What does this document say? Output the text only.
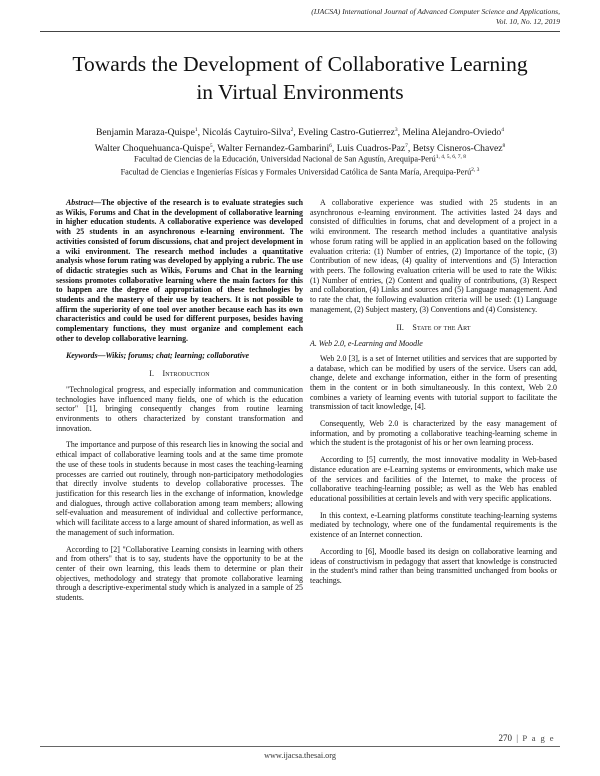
(IJACSA) International Journal of Advanced Computer Science and Applications,
Vol. 10, No. 12, 2019
Towards the Development of Collaborative Learning
in Virtual Environments
Benjamin Maraza-Quispe$^1$, Nicolás Caytuiro-Silva$^2$, Eveling Castro-Gutierrez$^3$, Melina Alejandro-Oviedo$^4$
Walter Choquehuanca-Quispe$^5$, Walter Fernandez-Gambarini$^6$, Luis Cuadros-Paz$^7$, Betsy Cisneros-Chavez$^8$
Facultad de Ciencias de la Educación, Universidad Nacional de San Agustín, Arequipa-Perú$^{1, 4, 5, 6, 7, 8}$
Facultad de Ciencias e Ingenierías Físicas y Formales Universidad Católica de Santa María, Arequipa-Perú$^{2, 3}$

Abstract—The objective of the research is to evaluate strategies such as Wikis, Forums and Chat in the development of collaborative learning in higher education students. A collaborative experience was developed with 25 students in an asynchronous e-learning environment. The activities consisted of forum discussions, chat and project development in a wiki environment. The research method includes a quantitative analysis whose forum rating was developed by applying a rubric. The use of didactic strategies such as Wikis, Forums and Chat in the learning sessions promotes collaborative learning where the main factors for this to happen are the degree of appropriation of these technologies by students and the mastery of their use by teachers. It is not possible to affirm the superiority of one tool over another because each has its own characteristics and could be used for different purposes, besides having complementary functions, they must organize and complement each other to develop collaborative learning.

Keywords—Wikis; forums; chat; learning; collaborative

I. Introduction

"Technological progress, and especially information and communication technologies have influenced many fields, one of which is the education sector" [1], bringing consequently changes from routine learning environments to others characterized by constant transformation and innovation.

The importance and purpose of this research lies in knowing the social and ethical impact of collaborative learning tools and at the same time promote the use of these tools in students because in most cases the teaching-learning processes are carried out routinely, through non-participatory methodologies that directly involve students to develop collaborative processes. The justification for this research lies in the exchange of information, knowledge and dialogues, through active collaboration among team members; allowing self-evaluation and measurement of individual and collective performance, which will facilitate access to a large amount of shared information, as well as the management of such information.

According to [2] "Collaborative Learning consists in learning with others and from others" that is to say, students have the opportunity to be at the center of their own learning, this leads them to determine or plan their objectives, methodology and strategy that promote collaborative learning through a descriptive-experimental study which is analyzed in a sample of 25 students.

A collaborative experience was studied with 25 students in an asynchronous e-learning environment. The activities lasted 24 days and consisted of difficulties in forums, chat and development of a project in a wiki environment. The research method includes a quantitative analysis whose forum rating will be applied in an application based on the following evaluation criteria: (1) Number of entries, (2) Importance of the topic, (3) Contribution of new ideas, (4) quality of interventions and (5) Interaction with peers. The following evaluation criteria will be used to rate the Wikis: (1) Number of entries, (2) Content and quality of contributions, (3) Respect and collaboration, (4) Links and sources and (5) Language management. And to rate the chat, the following evaluation criteria will be used: (1) Language management, (2) Subject mastery, (3) Conventions and (4) Consistency.

II. State of the Art
A. Web 2.0, e-Learning and Moodle

Web 2.0 [3], is a set of Internet utilities and services that are supported by a database, which can be modified by users of the service. Users can add, change, delete and exchange information, either in the form of presenting them in the content or in both simultaneously. In this context, Web 2.0 combines a variety of learning events with tutorial support to facilitate the transmission of tacit knowledge, [4].

Consequently, Web 2.0 is characterized by the easy management of information, and by promoting a collaborative teaching-learning scheme in which the student is the protagonist of his or her own learning process.

According to [5] currently, the most innovative modality in Web-based distance education are e-Learning systems or environments, which make use of the services and facilities of the Internet, to make the process of collaborative teaching-learning possible; as well as the Web has enabled educational possibilities at certain levels and with very specific applications.

In this context, e-Learning platforms constitute teaching-learning systems mediated by technology, where one of the fundamental requirements is the existence of an Internet connection.

According to [6], Moodle based its design on collaborative learning and ideas of constructivism in pedagogy that assert that knowledge is constructed in the student's mind rather than being transmitted unchanged from books or teachings.

270 | P a g e
www.ijacsa.thesai.org
